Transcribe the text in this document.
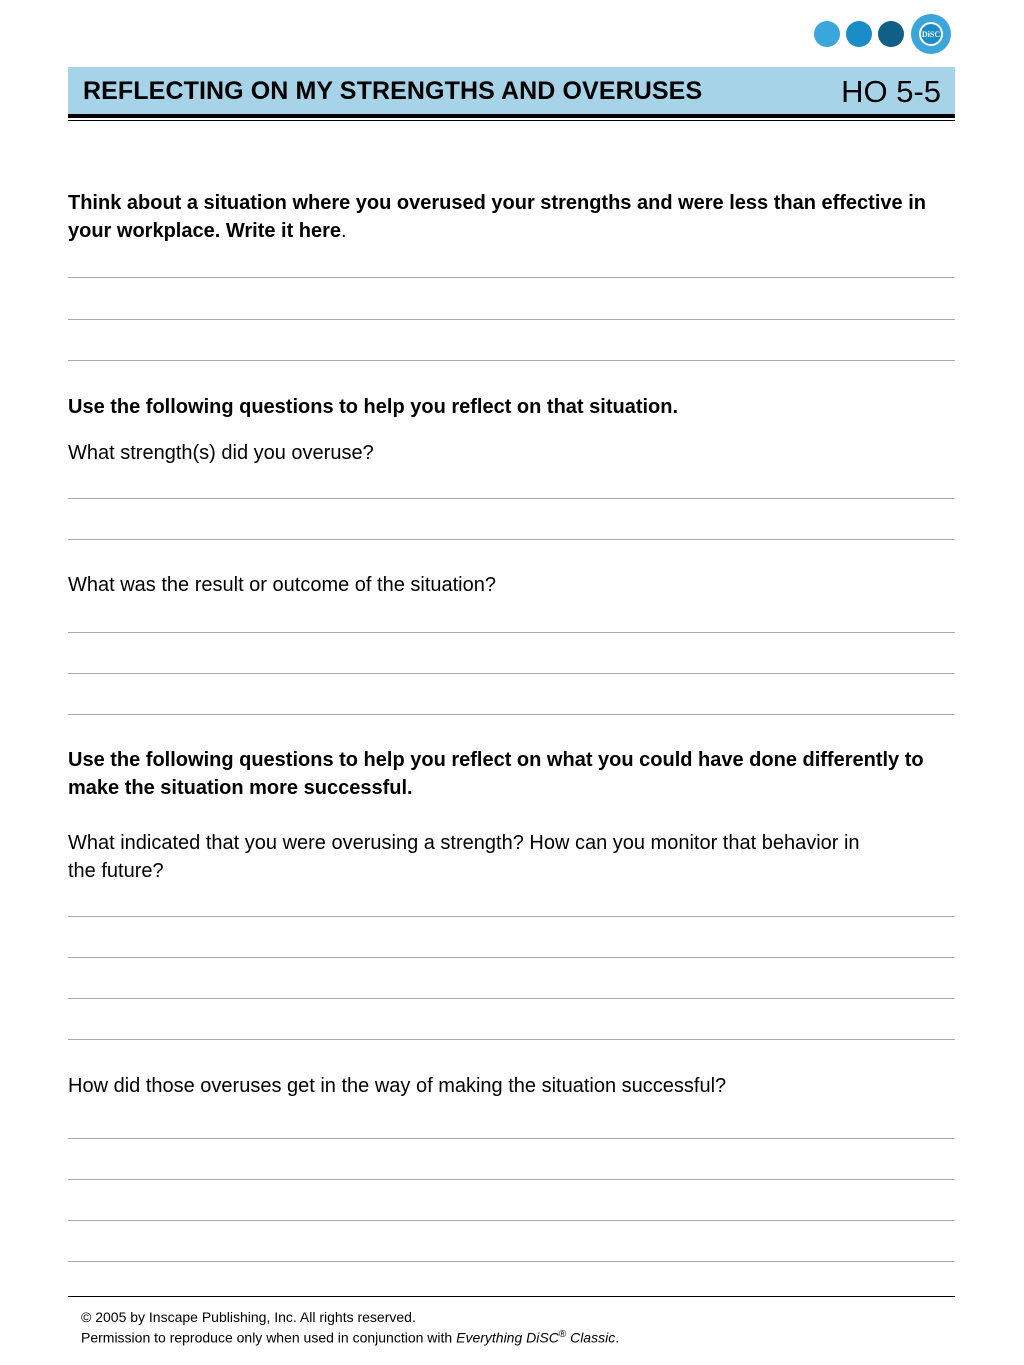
DiSC
REFLECTING ON MY STRENGTHS AND OVERUSES	HO 5-5

Think about a situation where you overused your strengths and were less than effective in your workplace. Write it here.

Use the following questions to help you reflect on that situation.

What strength(s) did you overuse?

What was the result or outcome of the situation?

Use the following questions to help you reflect on what you could have done differently to make the situation more successful.

What indicated that you were overusing a strength? How can you monitor that behavior in the future?

How did those overuses get in the way of making the situation successful?

© 2005 by Inscape Publishing, Inc. All rights reserved.
Permission to reproduce only when used in conjunction with Everything DiSC® Classic.
